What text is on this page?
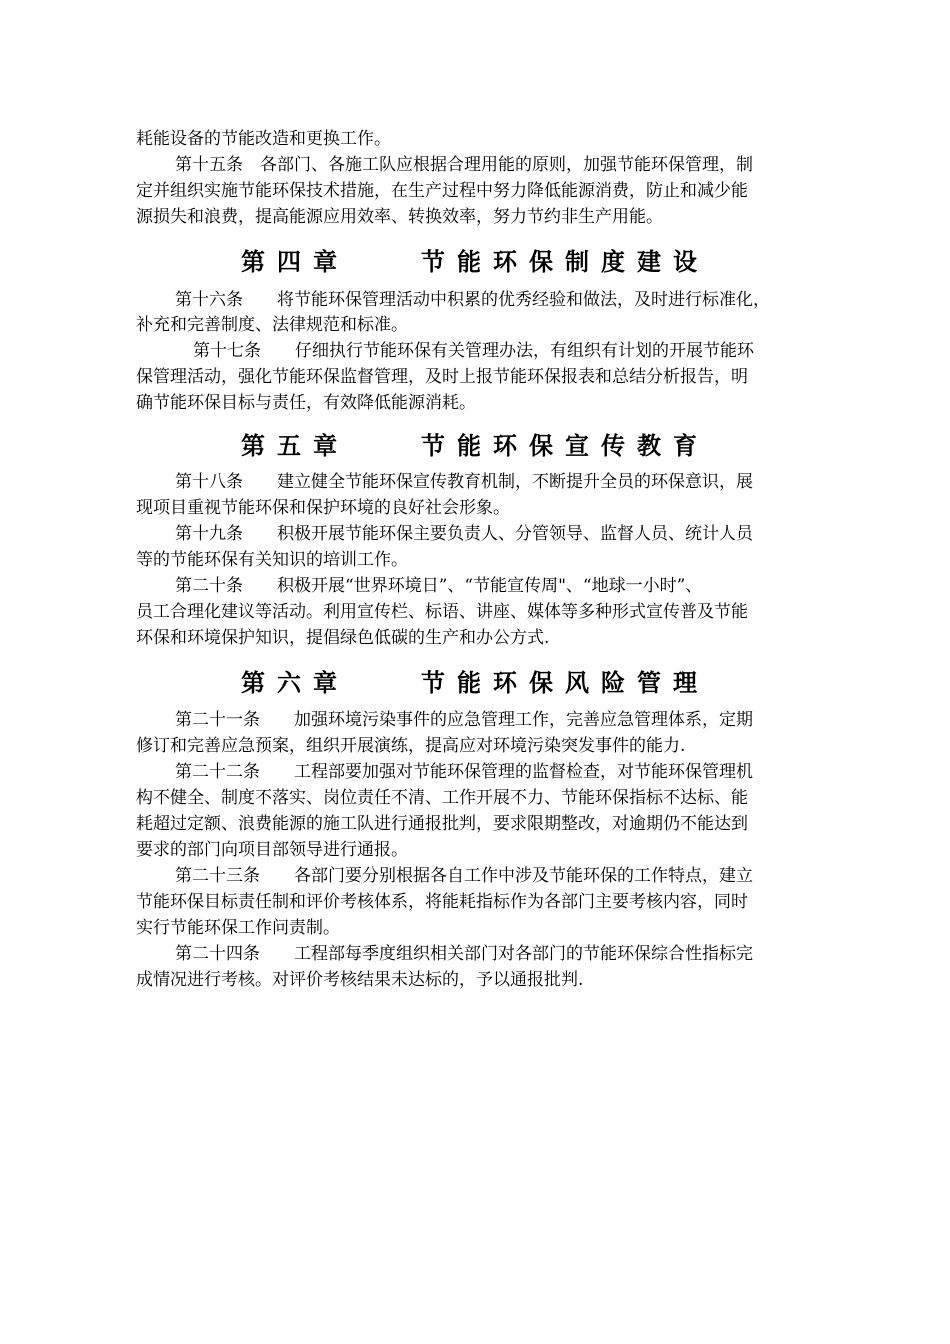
耗能设备的节能改造和更换工作。

第十五条　各部门、各施工队应根据合理用能的原则，加强节能环保管理，制

定并组织实施节能环保技术措施，在生产过程中努力降低能源消费，防止和减少能

源损失和浪费，提高能源应用效率、转换效率，努力节约非生产用能。

第四章　　节能环保制度建设

第十六条　　将节能环保管理活动中积累的优秀经验和做法，及时进行标准化，

补充和完善制度、法律规范和标准。

第十七条　　仔细执行节能环保有关管理办法，有组织有计划的开展节能环

保管理活动，强化节能环保监督管理，及时上报节能环保报表和总结分析报告，明

确节能环保目标与责任，有效降低能源消耗。

第五章　　节能环保宣传教育

第十八条　　建立健全节能环保宣传教育机制，不断提升全员的环保意识，展

现项目重视节能环保和保护环境的良好社会形象。

第十九条　　积极开展节能环保主要负责人、分管领导、监督人员、统计人员

等的节能环保有关知识的培训工作。

第二十条　　积极开展“世界环境日”、“节能宣传周"、“地球一小时”、

员工合理化建议等活动。利用宣传栏、标语、讲座、媒体等多种形式宣传普及节能

环保和环境保护知识，提倡绿色低碳的生产和办公方式.

第六章　　节能环保风险管理

第二十一条　　加强环境污染事件的应急管理工作，完善应急管理体系，定期

修订和完善应急预案，组织开展演练，提高应对环境污染突发事件的能力.

第二十二条　　工程部要加强对节能环保管理的监督检查，对节能环保管理机

构不健全、制度不落实、岗位责任不清、工作开展不力、节能环保指标不达标、能

耗超过定额、浪费能源的施工队进行通报批判，要求限期整改，对逾期仍不能达到

要求的部门向项目部领导进行通报。

第二十三条　　各部门要分别根据各自工作中涉及节能环保的工作特点，建立

节能环保目标责任制和评价考核体系，将能耗指标作为各部门主要考核内容，同时

实行节能环保工作问责制。

第二十四条　　工程部每季度组织相关部门对各部门的节能环保综合性指标完

成情况进行考核。对评价考核结果未达标的，予以通报批判.
